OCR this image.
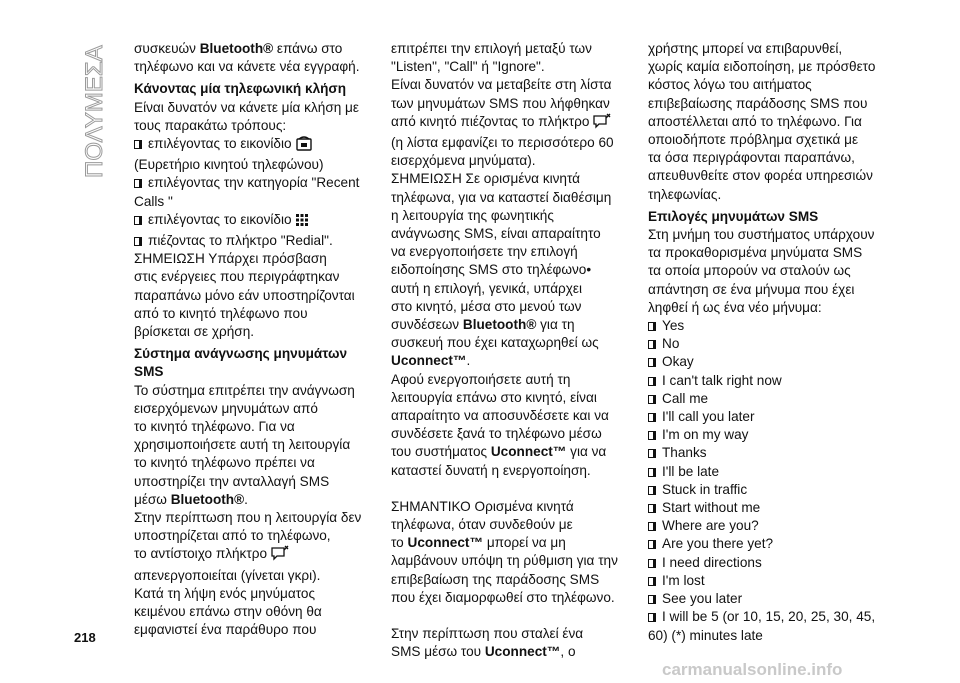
ΠΟΛΥΜΕΣΑ συσκευών Bluetooth® επάνω στο

τηλέφωνο και να κάνετε νέα εγγραφή.

Κάνοντας μία τηλεφωνική κλήση

Είναι δυνατόν να κάνετε μία κλήση με

τους παρακάτω τρόπους:

επιλέγοντας το εικονίδιο

(Ευρετήριο κινητού τηλεφώνου)

επιλέγοντας την κατηγορία "Recent

Calls "

επιλέγοντας το εικονίδιο

πιέζοντας το πλήκτρο "Redial".

ΣΗΜΕΙΩΣΗ Υπάρχει πρόσβαση

στις ενέργειες που περιγράφτηκαν

παραπάνω μόνο εάν υποστηρίζονται

από το κινητό τηλέφωνο που

βρίσκεται σε χρήση.

Σύστημα ανάγνωσης μηνυμάτων

SMS

Το σύστημα επιτρέπει την ανάγνωση

εισερχόμενων μηνυμάτων από

το κινητό τηλέφωνο. Για να

χρησιμοποιήσετε αυτή τη λειτουργία

το κινητό τηλέφωνο πρέπει να

υποστηρίζει την ανταλλαγή SMS

μέσω Bluetooth®.

Στην περίπτωση που η λειτουργία δεν

υποστηρίζεται από το τηλέφωνο,

το αντίστοιχο πλήκτρο

απενεργοποιείται (γίνεται γκρι).

Κατά τη λήψη ενός μηνύματος

κειμένου επάνω στην οθόνη θα

εμφανιστεί ένα παράθυρο που

επιτρέπει την επιλογή μεταξύ των

"Listen", "Call" ή "Ignore".

Είναι δυνατόν να μεταβείτε στη λίστα

των μηνυμάτων SMS που λήφθηκαν

από κινητό πιέζοντας το πλήκτρο

(η λίστα εμφανίζει το περισσότερο 60

εισερχόμενα μηνύματα).

ΣΗΜΕΙΩΣΗ Σε ορισμένα κινητά

τηλέφωνα, για να καταστεί διαθέσιμη

η λειτουργία της φωνητικής

ανάγνωσης SMS, είναι απαραίτητο

να ενεργοποιήσετε την επιλογή

ειδοποίησης SMS στο τηλέφωνο•

αυτή η επιλογή, γενικά, υπάρχει

στο κινητό, μέσα στο μενού των

συνδέσεων Bluetooth® για τη

συσκευή που έχει καταχωρηθεί ως

Uconnect™.

Αφού ενεργοποιήσετε αυτή τη

λειτουργία επάνω στο κινητό, είναι

απαραίτητο να αποσυνδέσετε και να

συνδέσετε ξανά το τηλέφωνο μέσω

του συστήματος Uconnect™ για να

καταστεί δυνατή η ενεργοποίηση.

ΣΗΜΑΝΤΙΚΟ Ορισμένα κινητά

τηλέφωνα, όταν συνδεθούν με

το Uconnect™ μπορεί να μη

λαμβάνουν υπόψη τη ρύθμιση για την

επιβεβαίωση της παράδοσης SMS

που έχει διαμορφωθεί στο τηλέφωνο.

Στην περίπτωση που σταλεί ένα

SMS μέσω του Uconnect™, ο

χρήστης μπορεί να επιβαρυνθεί,

χωρίς καμία ειδοποίηση, με πρόσθετο

κόστος λόγω του αιτήματος

επιβεβαίωσης παράδοσης SMS που

αποστέλλεται από το τηλέφωνο. Για

οποιοδήποτε πρόβλημα σχετικά με

τα όσα περιγράφονται παραπάνω,

απευθυνθείτε στον φορέα υπηρεσιών

τηλεφωνίας.

Επιλογές μηνυμάτων SMS

Στη μνήμη του συστήματος υπάρχουν

τα προκαθορισμένα μηνύματα SMS

τα οποία μπορούν να σταλούν ως

απάντηση σε ένα μήνυμα που έχει

ληφθεί ή ως ένα νέο μήνυμα:

Yes

No

Okay

I can't talk right now

Call me

I'll call you later

I'm on my way

Thanks

I'll be late

Stuck in traffic

Start without me

Where are you?

Are you there yet?

I need directions

I'm lost

See you later

I will be 5 (or 10, 15, 20, 25, 30, 45,

60) (*) minutes late

218
carmanualsonline.info
